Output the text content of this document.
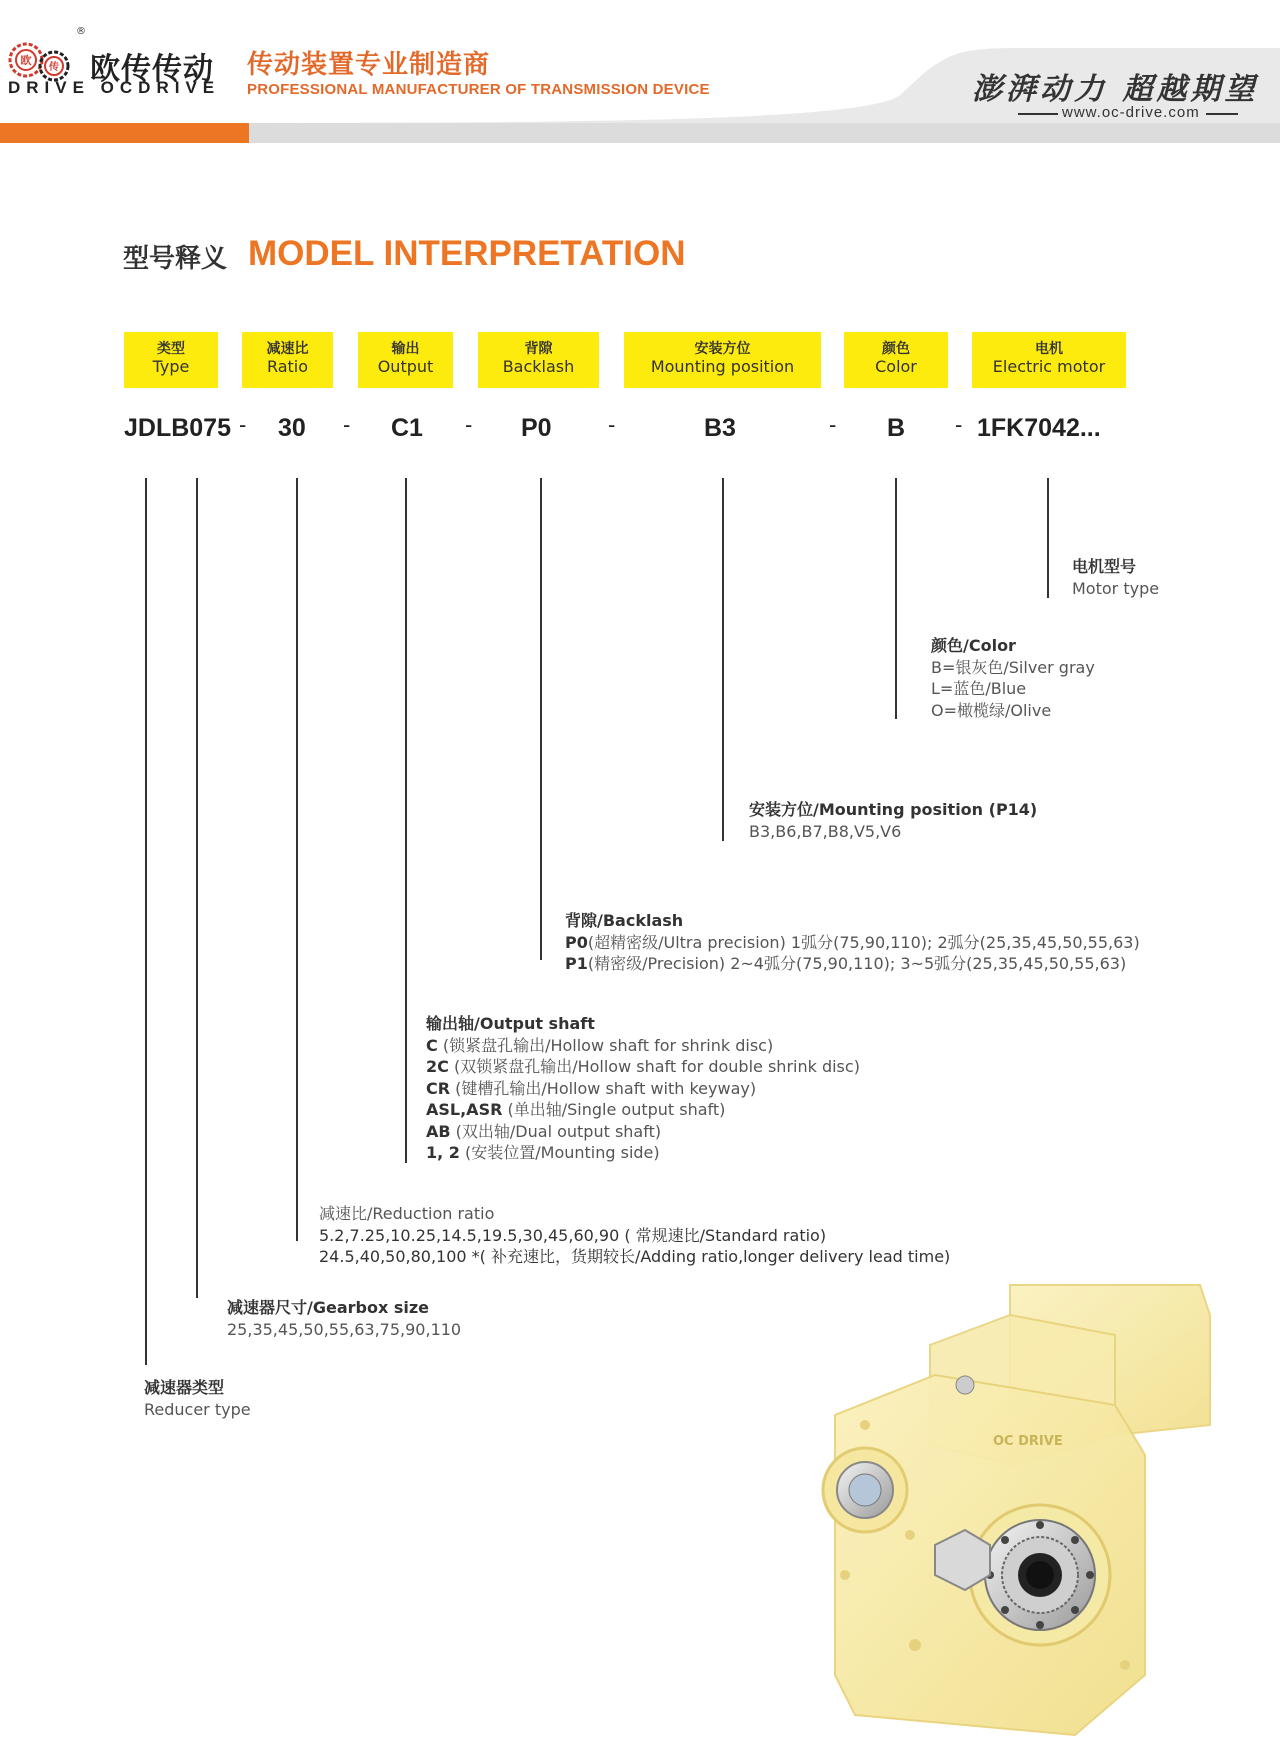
欧
传
®
欧传传动
DRIVE OCDRIVE
传动装置专业制造商
PROFESSIONAL MANUFACTURER OF TRANSMISSION DEVICE	澎湃动力 超越期望
www.oc-drive.com
型号释义 MODEL INTERPRETATION
类型
Type
减速比
Ratio
输出
Output
背隙
Backlash
安装方位
Mounting position
颜色
Color
电机
Electric motor
JDLB075 - 30 - C1 - P0	-	B3	- B - 1FK7042...
电机型号
Motor type
颜色/Color
B=银灰色/Silver gray
L=蓝色/Blue
O=橄榄绿/Olive
安装方位/Mounting position (P14)
B3,B6,B7,B8,V5,V6
背隙/Backlash
P0(超精密级/Ultra precision) 1弧分(75,90,110); 2弧分(25,35,45,50,55,63)
P1(精密级/Precision) 2~4弧分(75,90,110); 3~5弧分(25,35,45,50,55,63)
输出轴/Output shaft
C (锁紧盘孔输出/Hollow shaft for shrink disc)
2C (双锁紧盘孔输出/Hollow shaft for double shrink disc)
CR (键槽孔输出/Hollow shaft with keyway)
ASL,ASR (单出轴/Single output shaft)
AB (双出轴/Dual output shaft)
1, 2 (安装位置/Mounting side)
减速比/Reduction ratio
5.2,7.25,10.25,14.5,19.5,30,45,60,90 ( 常规速比/Standard ratio)
24.5,40,50,80,100 *( 补充速比，货期较长/Adding ratio,longer delivery lead time)
减速器尺寸/Gearbox size
25,35,45,50,55,63,75,90,110
减速器类型
Reducer type
OC DRIVE
